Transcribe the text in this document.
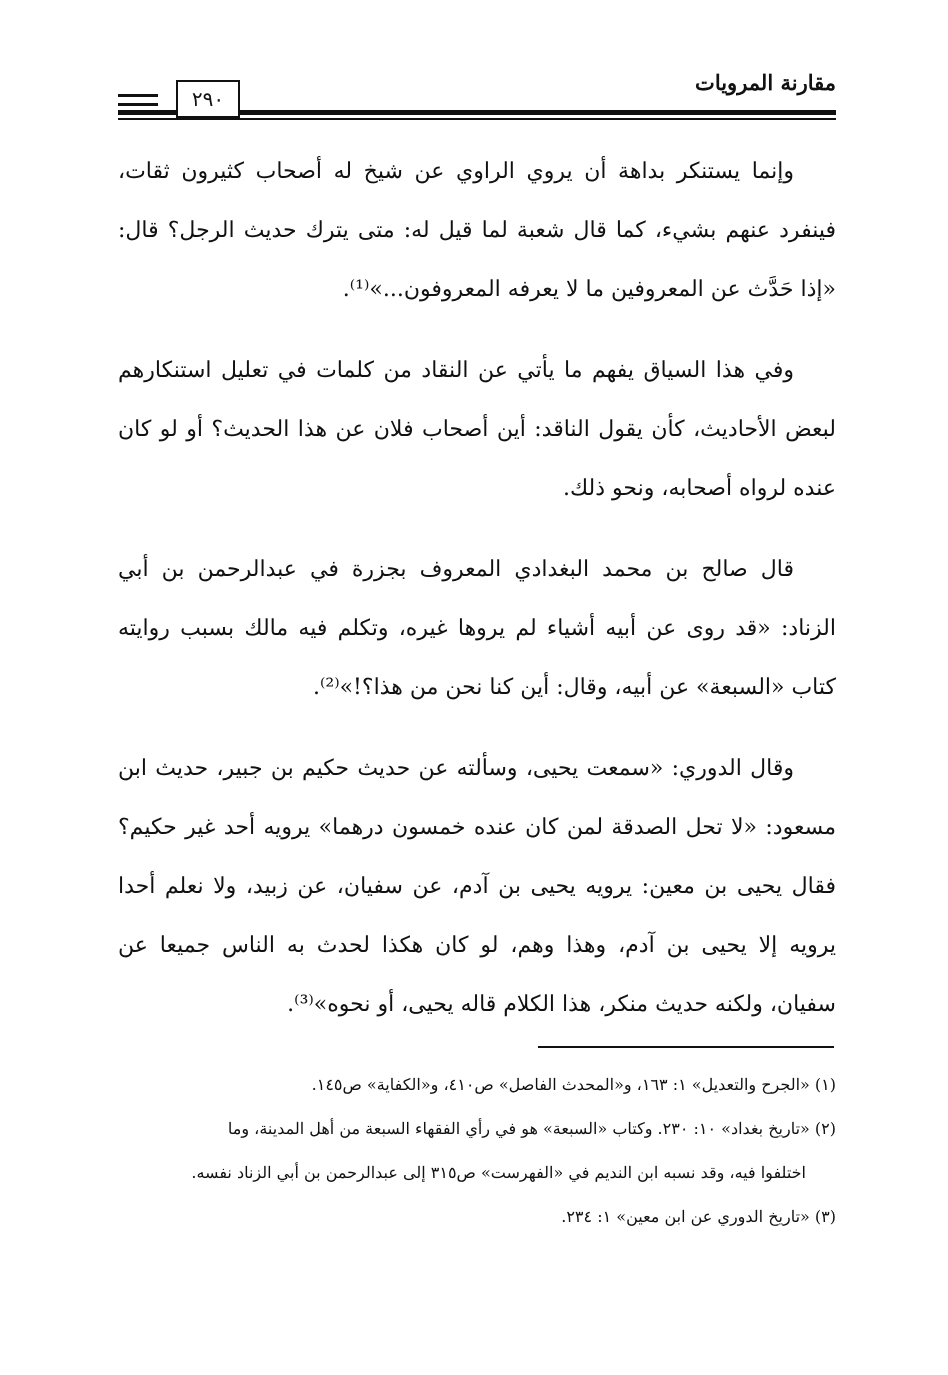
مقارنة المرويات
٢٩٠

وإنما يستنكر بداهة أن يروي الراوي عن شيخ له أصحاب كثيرون ثقات، فينفرد عنهم بشيء، كما قال شعبة لما قيل له: متى يترك حديث الرجل؟ قال: «إذا حَدَّث عن المعروفين ما لا يعرفه المعروفون...»⁽¹⁾.

وفي هذا السياق يفهم ما يأتي عن النقاد من كلمات في تعليل استنكارهم لبعض الأحاديث، كأن يقول الناقد: أين أصحاب فلان عن هذا الحديث؟ أو لو كان عنده لرواه أصحابه، ونحو ذلك.

قال صالح بن محمد البغدادي المعروف بجزرة في عبدالرحمن بن أبي الزناد: «قد روى عن أبيه أشياء لم يروها غيره، وتكلم فيه مالك بسبب روايته كتاب «السبعة» عن أبيه، وقال: أين كنا نحن من هذا؟!»⁽²⁾.

وقال الدوري: «سمعت يحيى، وسألته عن حديث حكيم بن جبير، حديث ابن مسعود: «لا تحل الصدقة لمن كان عنده خمسون درهما» يرويه أحد غير حكيم؟ فقال يحيى بن معين: يرويه يحيى بن آدم، عن سفيان، عن زبيد، ولا نعلم أحدا يرويه إلا يحيى بن آدم، وهذا وهم، لو كان هكذا لحدث به الناس جميعا عن سفيان، ولكنه حديث منكر، هذا الكلام قاله يحيى، أو نحوه»⁽³⁾.

(١) «الجرح والتعديل» ١: ١٦٣، و«المحدث الفاصل» ص٤١٠، و«الكفاية» ص١٤٥.

(٢) «تاريخ بغداد» ١٠: ٢٣٠. وكتاب «السبعة» هو في رأي الفقهاء السبعة من أهل المدينة، وما

اختلفوا فيه، وقد نسبه ابن النديم في «الفهرست» ص٣١٥ إلى عبدالرحمن بن أبي الزناد نفسه.

(٣) «تاريخ الدوري عن ابن معين» ١: ٢٣٤.
